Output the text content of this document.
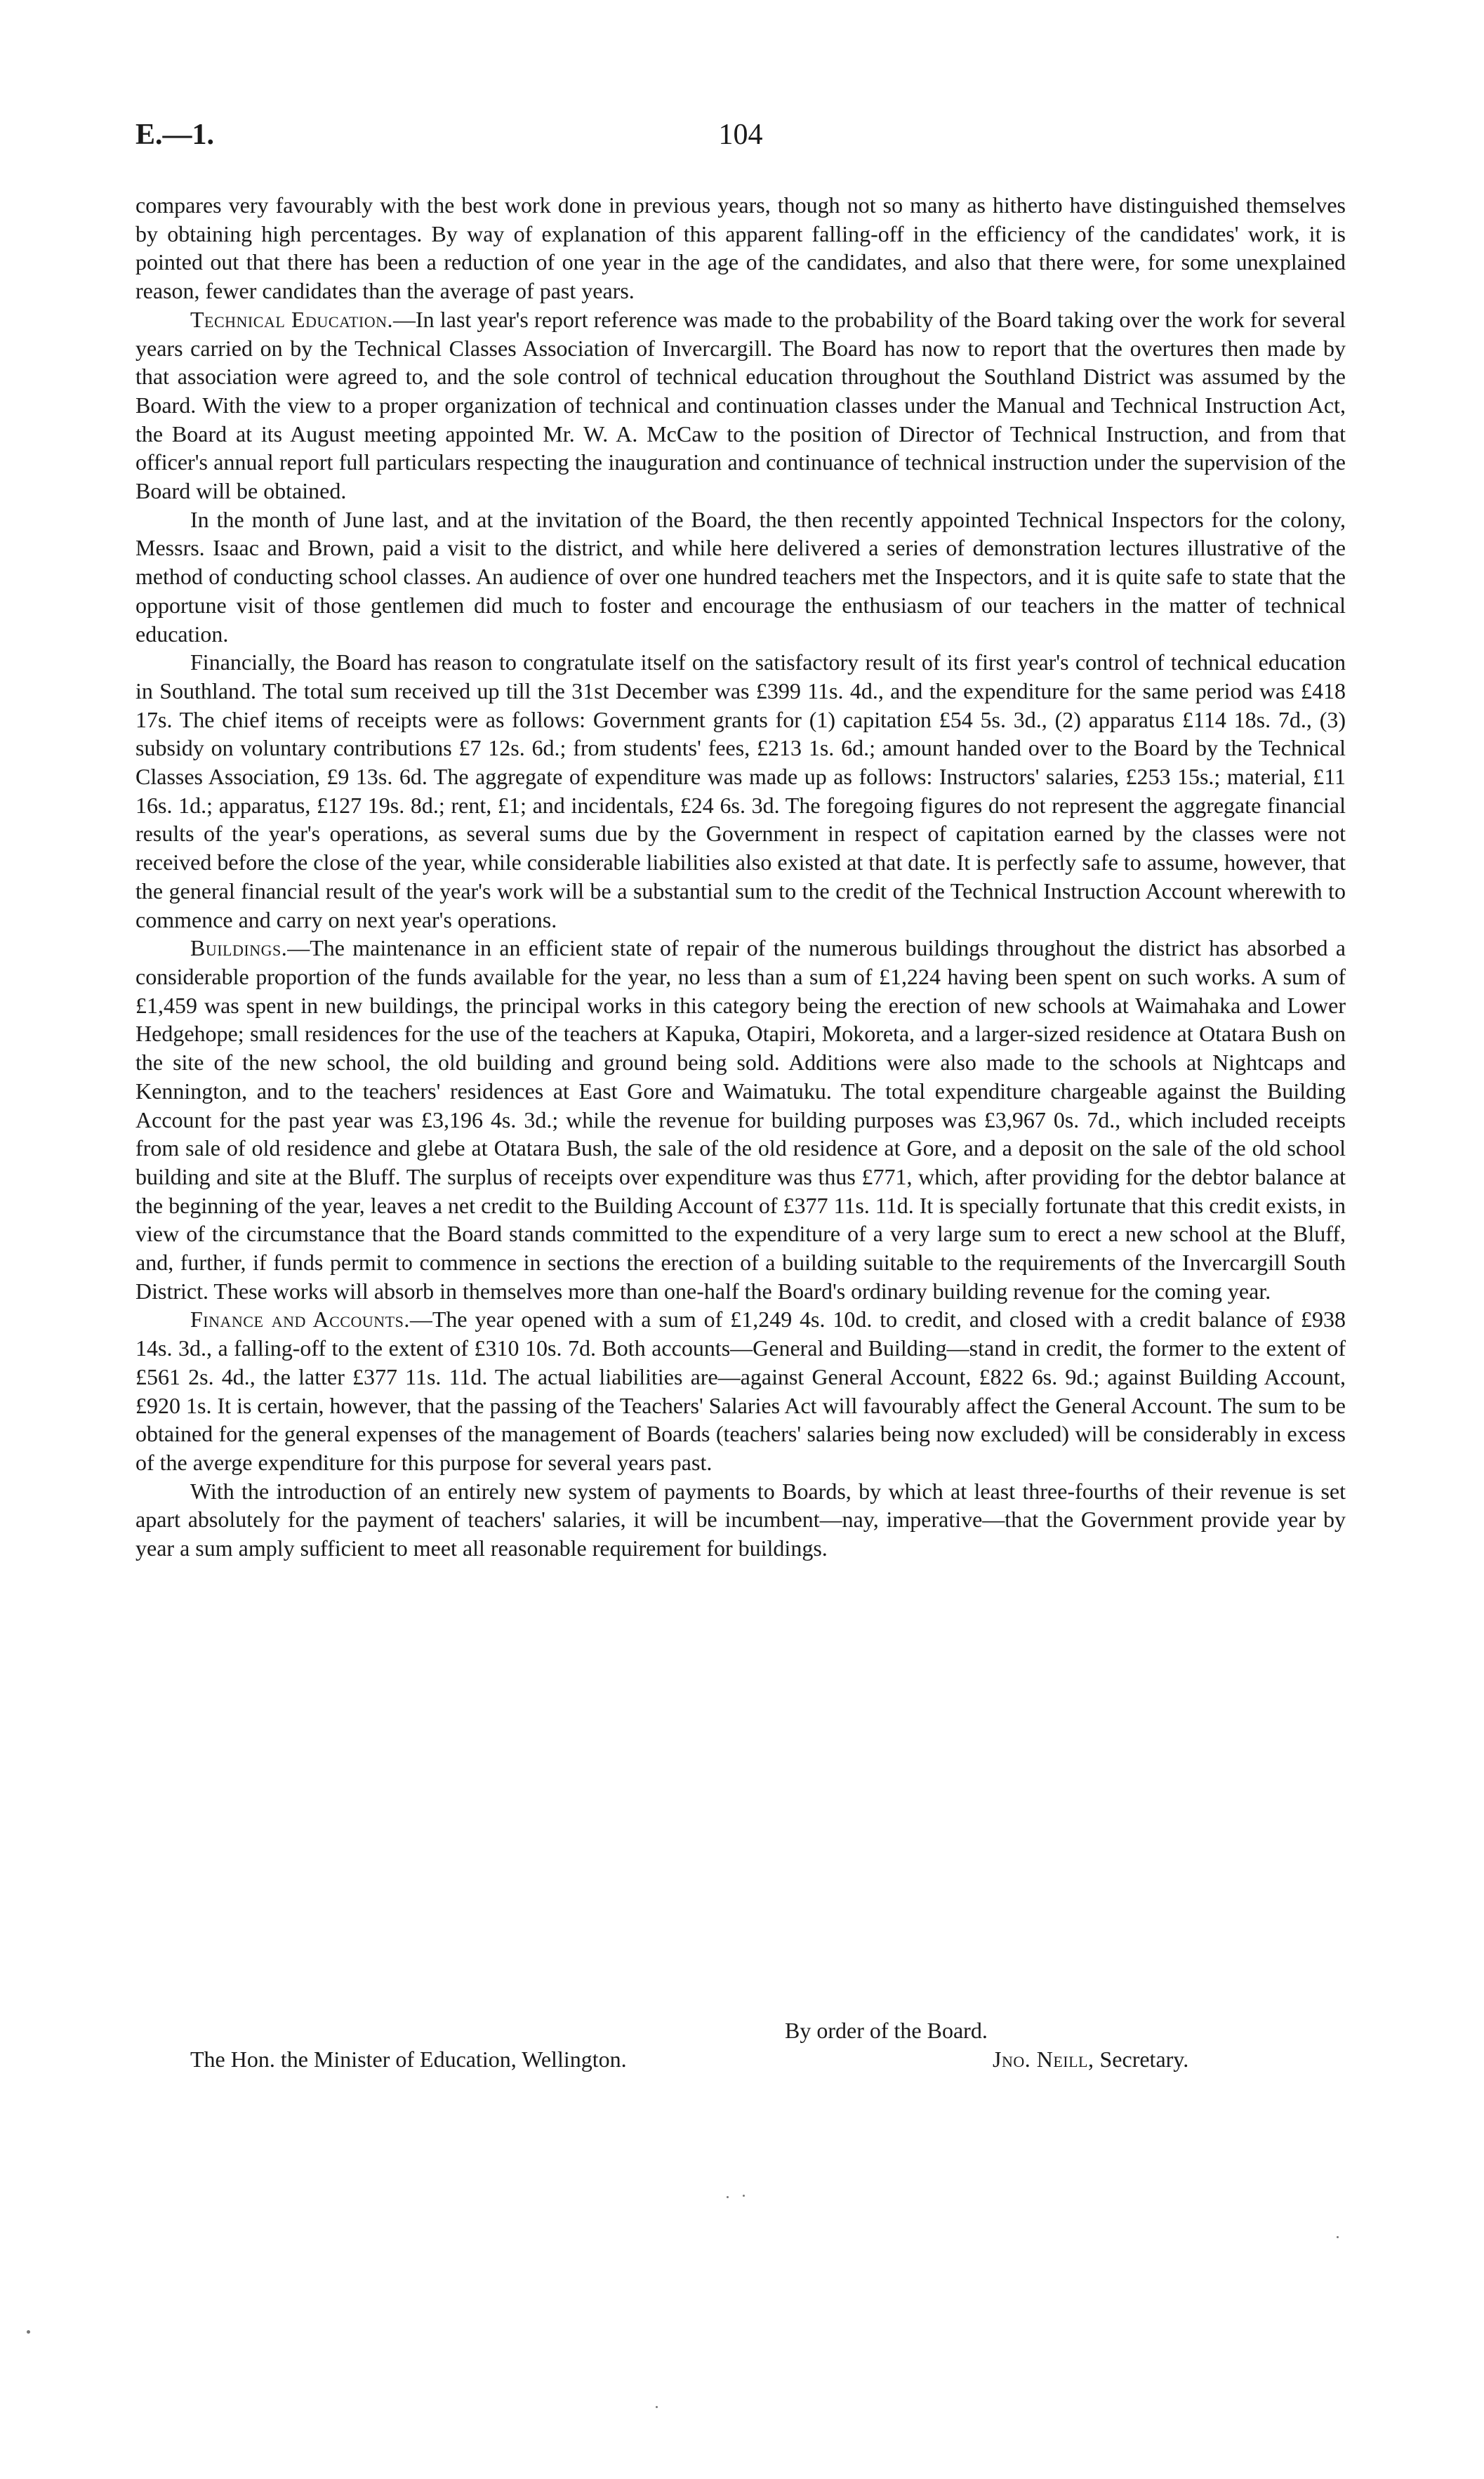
E.—1.	104

compares very favourably with the best work done in previous years, though not so many as hitherto have distinguished themselves by obtaining high percentages. By way of explanation of this apparent falling-off in the efficiency of the candidates' work, it is pointed out that there has been a reduction of one year in the age of the candidates, and also that there were, for some unexplained reason, fewer candidates than the average of past years.

Technical Education.—In last year's report reference was made to the probability of the Board taking over the work for several years carried on by the Technical Classes Association of Invercargill. The Board has now to report that the overtures then made by that association were agreed to, and the sole control of technical education throughout the Southland District was assumed by the Board. With the view to a proper organization of technical and continuation classes under the Manual and Technical Instruction Act, the Board at its August meeting appointed Mr. W. A. McCaw to the position of Director of Technical Instruction, and from that officer's annual report full particulars respecting the inauguration and continuance of technical instruction under the supervision of the Board will be obtained.

In the month of June last, and at the invitation of the Board, the then recently appointed Technical Inspectors for the colony, Messrs. Isaac and Brown, paid a visit to the district, and while here delivered a series of demonstration lectures illustrative of the method of conducting school classes. An audience of over one hundred teachers met the Inspectors, and it is quite safe to state that the opportune visit of those gentlemen did much to foster and encourage the enthusiasm of our teachers in the matter of technical education.

Financially, the Board has reason to congratulate itself on the satisfactory result of its first year's control of technical education in Southland. The total sum received up till the 31st December was £399 11s. 4d., and the expenditure for the same period was £418 17s. The chief items of receipts were as follows: Government grants for (1) capitation £54 5s. 3d., (2) apparatus £114 18s. 7d., (3) subsidy on voluntary contributions £7 12s. 6d.; from students' fees, £213 1s. 6d.; amount handed over to the Board by the Technical Classes Association, £9 13s. 6d. The aggregate of expenditure was made up as follows: Instructors' salaries, £253 15s.; material, £11 16s. 1d.; apparatus, £127 19s. 8d.; rent, £1; and incidentals, £24 6s. 3d. The foregoing figures do not represent the aggregate financial results of the year's operations, as several sums due by the Government in respect of capitation earned by the classes were not received before the close of the year, while considerable liabilities also existed at that date. It is perfectly safe to assume, however, that the general financial result of the year's work will be a substantial sum to the credit of the Technical Instruction Account wherewith to commence and carry on next year's operations.

Buildings.—The maintenance in an efficient state of repair of the numerous buildings throughout the district has absorbed a considerable proportion of the funds available for the year, no less than a sum of £1,224 having been spent on such works. A sum of £1,459 was spent in new buildings, the principal works in this category being the erection of new schools at Waimahaka and Lower Hedgehope; small residences for the use of the teachers at Kapuka, Otapiri, Mokoreta, and a larger-sized residence at Otatara Bush on the site of the new school, the old building and ground being sold. Additions were also made to the schools at Nightcaps and Kennington, and to the teachers' residences at East Gore and Waimatuku. The total expenditure chargeable against the Building Account for the past year was £3,196 4s. 3d.; while the revenue for building purposes was £3,967 0s. 7d., which included receipts from sale of old residence and glebe at Otatara Bush, the sale of the old residence at Gore, and a deposit on the sale of the old school building and site at the Bluff. The surplus of receipts over expenditure was thus £771, which, after providing for the debtor balance at the beginning of the year, leaves a net credit to the Building Account of £377 11s. 11d. It is specially fortunate that this credit exists, in view of the circumstance that the Board stands committed to the expenditure of a very large sum to erect a new school at the Bluff, and, further, if funds permit to commence in sections the erection of a building suitable to the requirements of the Invercargill South District. These works will absorb in themselves more than one-half the Board's ordinary building revenue for the coming year.

Finance and Accounts.—The year opened with a sum of £1,249 4s. 10d. to credit, and closed with a credit balance of £938 14s. 3d., a falling-off to the extent of £310 10s. 7d. Both accounts—General and Building—stand in credit, the former to the extent of £561 2s. 4d., the latter £377 11s. 11d. The actual liabilities are—against General Account, £822 6s. 9d.; against Building Account, £920 1s. It is certain, however, that the passing of the Teachers' Salaries Act will favourably affect the General Account. The sum to be obtained for the general expenses of the management of Boards (teachers' salaries being now excluded) will be considerably in excess of the averge expenditure for this purpose for several years past.

With the introduction of an entirely new system of payments to Boards, by which at least three-fourths of their revenue is set apart absolutely for the payment of teachers' salaries, it will be incumbent—nay, imperative—that the Government provide year by year a sum amply sufficient to meet all reasonable requirement for buildings.

By order of the Board.
The Hon. the Minister of Education, Wellington.	Jno. Neill, Secretary.
